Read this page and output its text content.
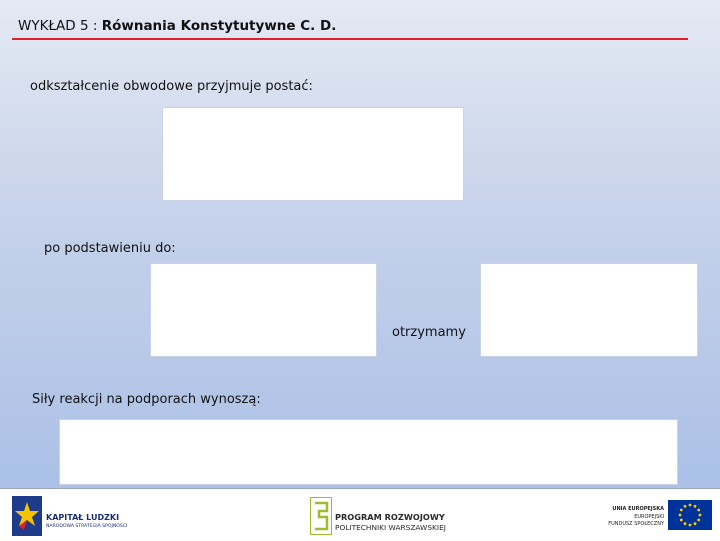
WYKŁAD 5 : Równania Konstytutywne C. D.
odkształcenie obwodowe przyjmuje postać:
po podstawieniu do:
otrzymamy
Siły reakcji na podporach wynoszą:
KAPITAŁ LUDZKI
NARODOWA STRATEGIA SPÓJNOŚCI
PROGRAM ROZWOJOWY
POLITECHNIKI WARSZAWSKIEJ
UNIA EUROPEJSKA
EUROPEJSKI
FUNDUSZ SPOŁECZNY
